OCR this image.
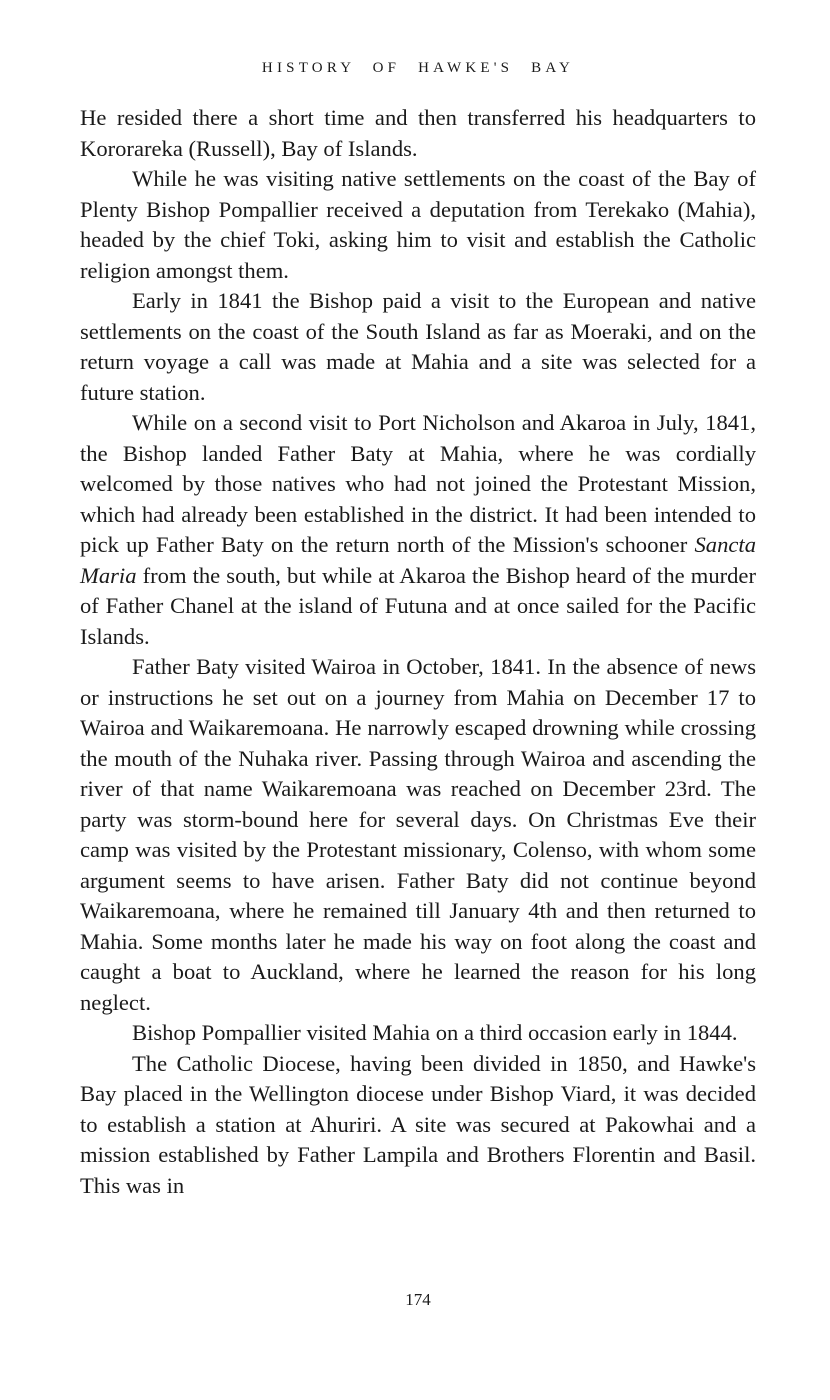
HISTORY OF HAWKE'S BAY

He resided there a short time and then transferred his headquarters to Kororareka (Russell), Bay of Islands.

While he was visiting native settlements on the coast of the Bay of Plenty Bishop Pompallier received a deputation from Terekako (Mahia), headed by the chief Toki, asking him to visit and establish the Catholic religion amongst them.

Early in 1841 the Bishop paid a visit to the European and native settlements on the coast of the South Island as far as Moeraki, and on the return voyage a call was made at Mahia and a site was selected for a future station.

While on a second visit to Port Nicholson and Akaroa in July, 1841, the Bishop landed Father Baty at Mahia, where he was cordially welcomed by those natives who had not joined the Protestant Mission, which had already been established in the district. It had been intended to pick up Father Baty on the return north of the Mission's schooner Sancta Maria from the south, but while at Akaroa the Bishop heard of the murder of Father Chanel at the island of Futuna and at once sailed for the Pacific Islands.

Father Baty visited Wairoa in October, 1841. In the absence of news or instructions he set out on a journey from Mahia on December 17 to Wairoa and Waikaremoana. He narrowly escaped drowning while crossing the mouth of the Nuhaka river. Passing through Wairoa and ascending the river of that name Waikaremoana was reached on December 23rd. The party was storm-bound here for several days. On Christmas Eve their camp was visited by the Protestant missionary, Colenso, with whom some argument seems to have arisen. Father Baty did not continue beyond Waikaremoana, where he remained till January 4th and then returned to Mahia. Some months later he made his way on foot along the coast and caught a boat to Auckland, where he learned the reason for his long neglect.

Bishop Pompallier visited Mahia on a third occasion early in 1844.

The Catholic Diocese, having been divided in 1850, and Hawke's Bay placed in the Wellington diocese under Bishop Viard, it was decided to establish a station at Ahuriri. A site was secured at Pakowhai and a mission established by Father Lampila and Brothers Florentin and Basil. This was in

174
